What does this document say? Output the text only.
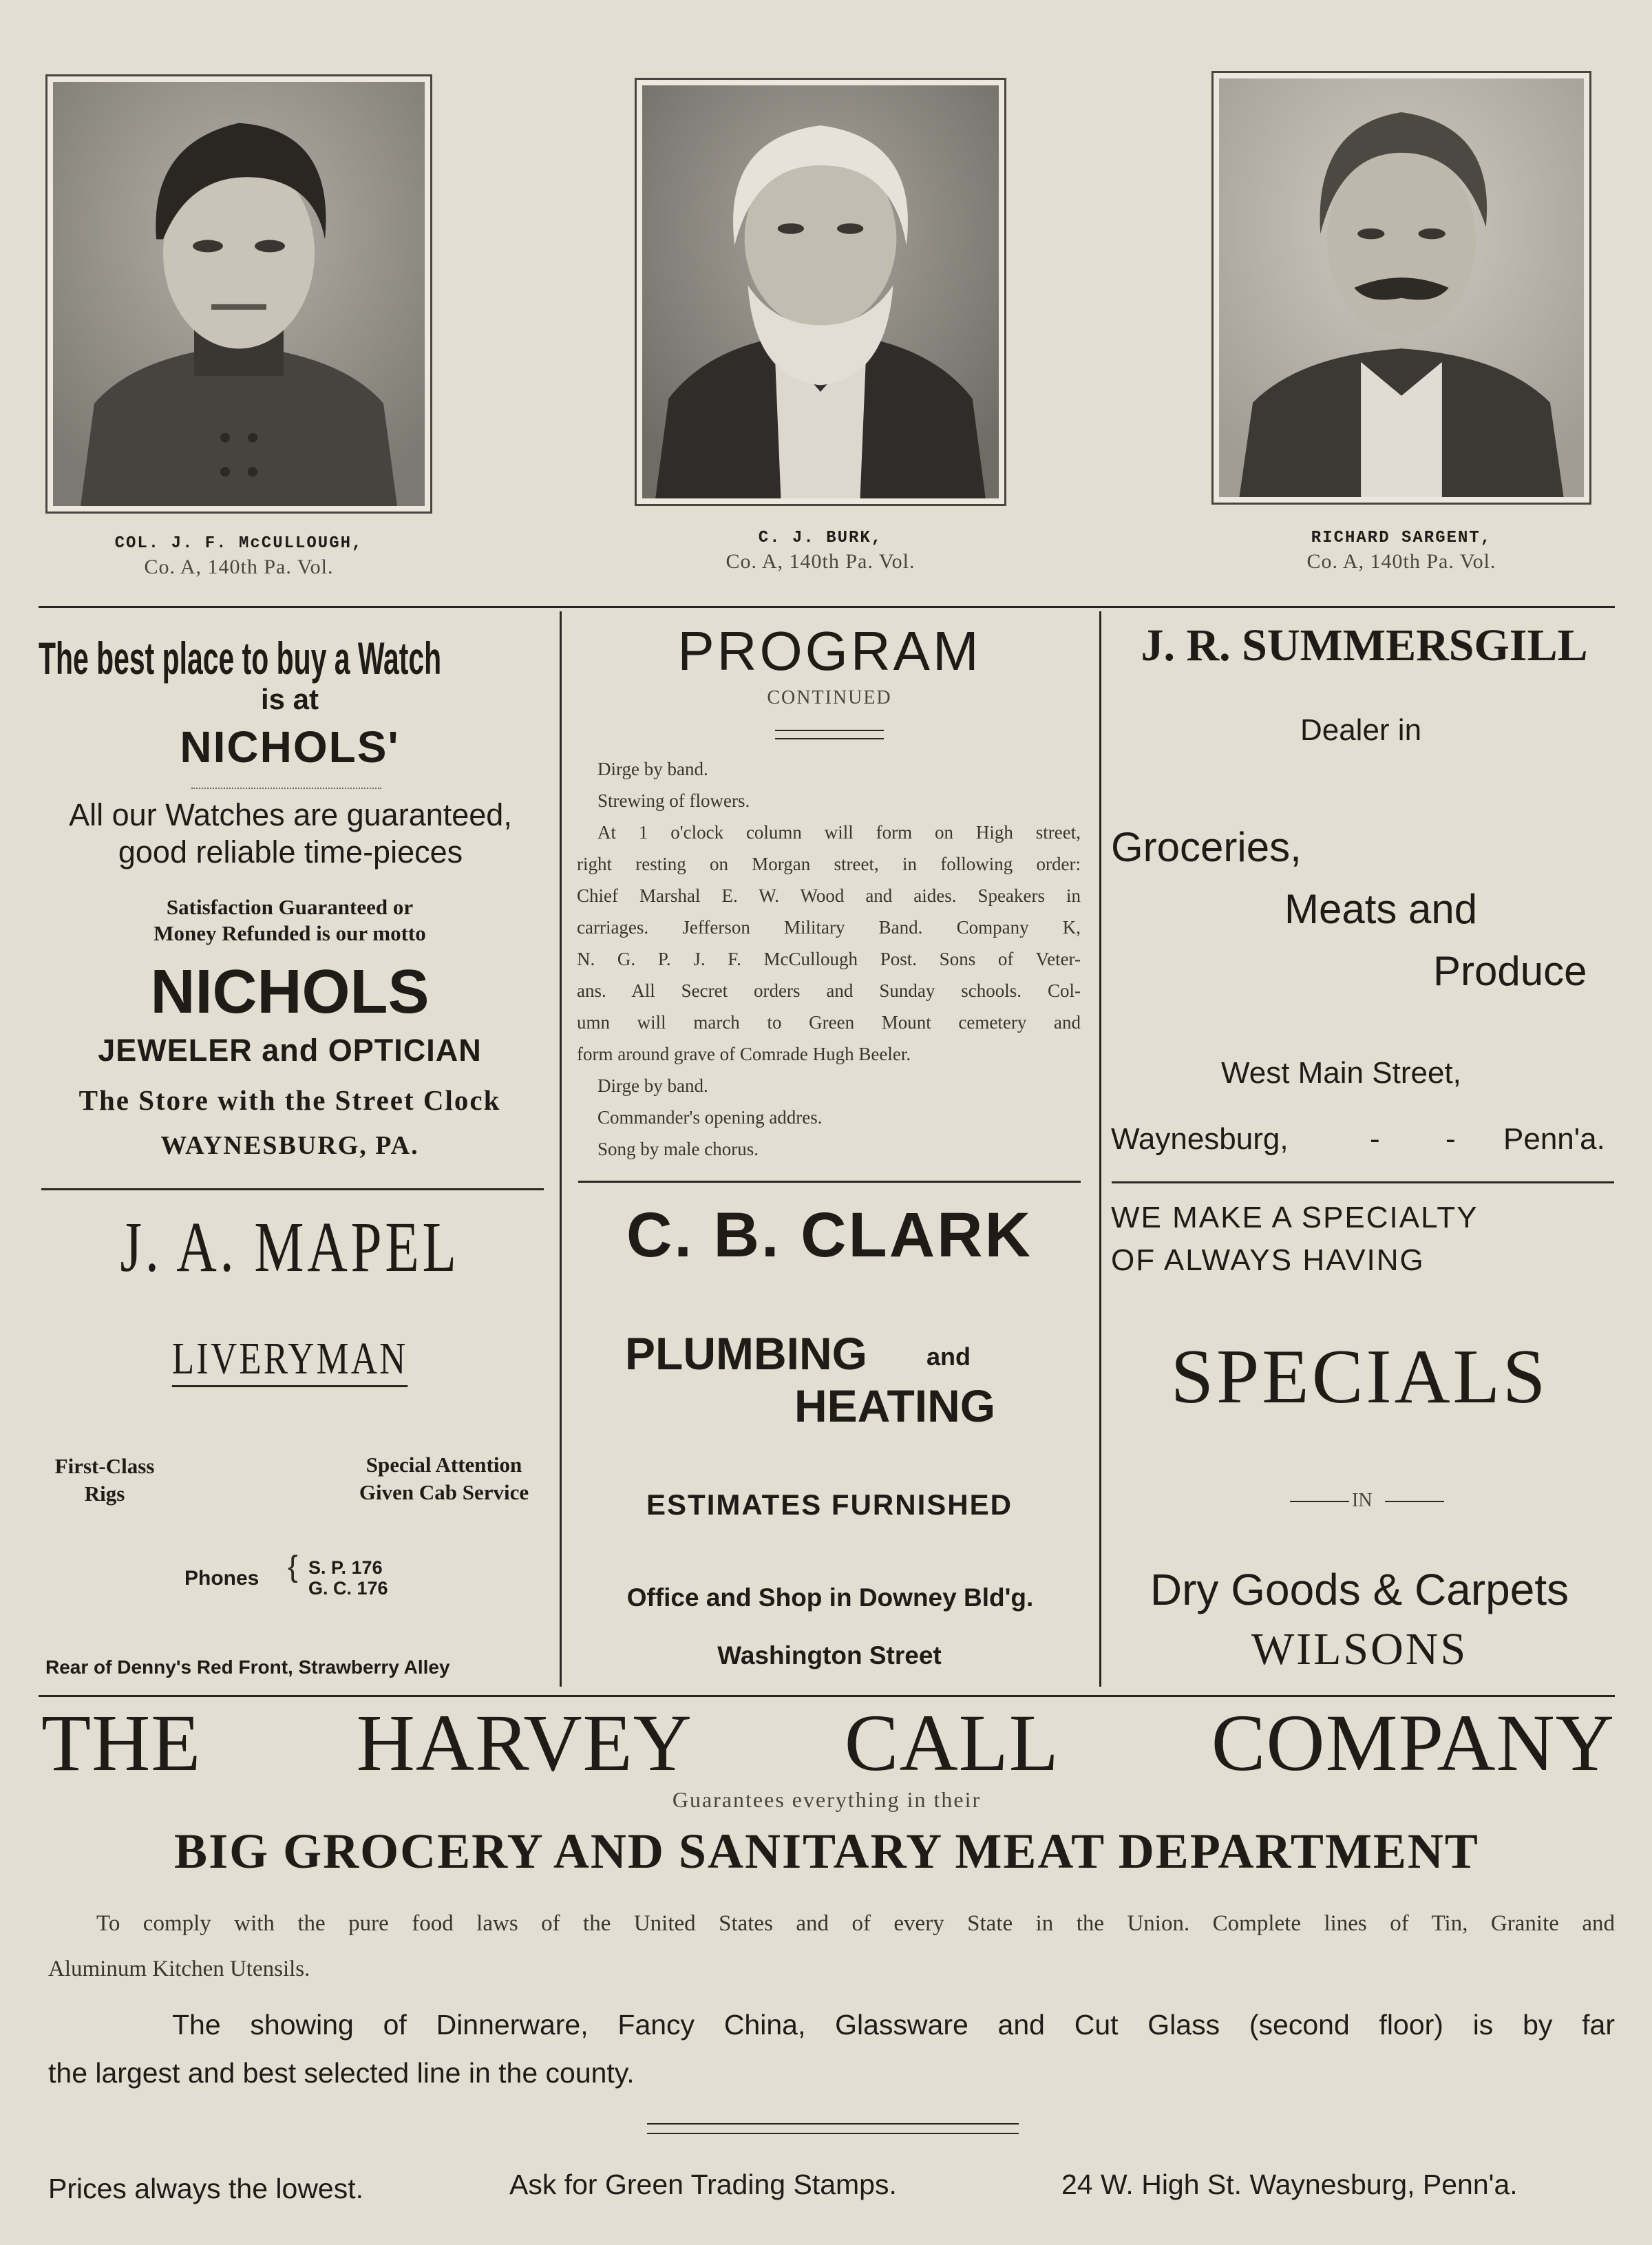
COL. J. F. McCULLOUGH,
Co. A, 140th Pa. Vol.
C. J. BURK,
Co. A, 140th Pa. Vol.
RICHARD SARGENT,
Co. A, 140th Pa. Vol.
The best place to buy a Watch
is at
NICHOLS'
All our Watches are guaranteed,
good reliable time-pieces
Satisfaction Guaranteed or
Money Refunded is our motto
NICHOLS
JEWELER and OPTICIAN
The Store with the Street Clock
WAYNESBURG, PA.
PROGRAM
CONTINUED
Dirge by band.
Strewing of flowers.
At 1 o'clock column will form on High street,
right resting on Morgan street, in following order:
Chief Marshal E. W. Wood and aides. Speakers in
carriages. Jefferson Military Band. Company K,
N. G. P. J. F. McCullough Post. Sons of Veter-
ans. All Secret orders and Sunday schools. Col-
umn will march to Green Mount cemetery and
form around grave of Comrade Hugh Beeler.
Dirge by band.
Commander's opening addres.
Song by male chorus.
J. R. SUMMERSGILL
Dealer in
Groceries,
Meats and
Produce
West Main Street,
Waynesburg,	- - Penn'a.
J. A. MAPEL
LIVERYMAN
First-Class
Rigs
Special Attention
Given Cab Service
Phones { S. P. 176
G. C. 176
Rear of Denny's Red Front, Strawberry Alley
C. B. CLARK
PLUMBING and
HEATING
ESTIMATES FURNISHED
Office and Shop in Downey Bld'g.
Washington Street
WE MAKE A SPECIALTY
OF ALWAYS HAVING
SPECIALS
IN
Dry Goods & Carpets
WILSONS
THE HARVEY CALL COMPANY
Guarantees everything in their
BIG GROCERY AND SANITARY MEAT DEPARTMENT
To comply with the pure food laws of the United States and of every State in the Union. Complete lines of Tin, Granite and
Aluminum Kitchen Utensils.
The showing of Dinnerware, Fancy China, Glassware and Cut Glass (second floor) is by far
the largest and best selected line in the county.
Prices always the lowest.	Ask for Green Trading Stamps.	24 W. High St. Waynesburg, Penn'a.
